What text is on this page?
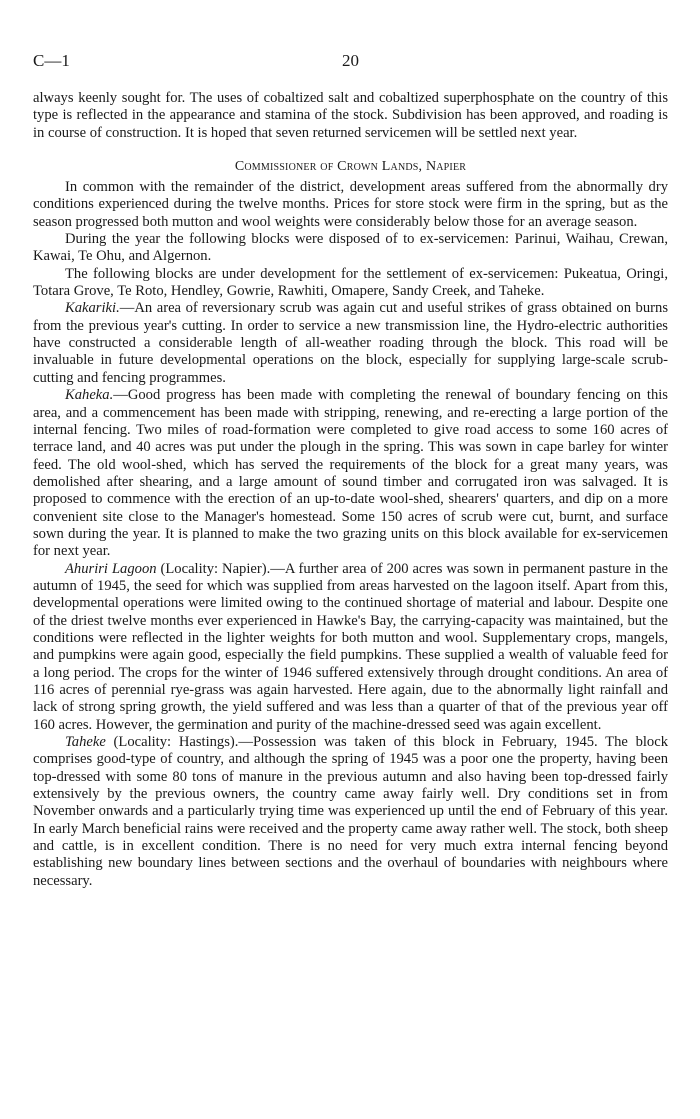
C—1	20

always keenly sought for. The uses of cobaltized salt and cobaltized superphosphate on the country of this type is reflected in the appearance and stamina of the stock. Subdivision has been approved, and roading is in course of construction. It is hoped that seven returned servicemen will be settled next year.

Commissioner of Crown Lands, Napier

In common with the remainder of the district, development areas suffered from the abnormally dry conditions experienced during the twelve months. Prices for store stock were firm in the spring, but as the season progressed both mutton and wool weights were considerably below those for an average season.

During the year the following blocks were disposed of to ex-servicemen: Parinui, Waihau, Crewan, Kawai, Te Ohu, and Algernon.

The following blocks are under development for the settlement of ex-servicemen: Pukeatua, Oringi, Totara Grove, Te Roto, Hendley, Gowrie, Rawhiti, Omapere, Sandy Creek, and Taheke.

Kakariki.—An area of reversionary scrub was again cut and useful strikes of grass obtained on burns from the previous year's cutting. In order to service a new transmission line, the Hydro-electric authorities have constructed a considerable length of all-weather roading through the block. This road will be invaluable in future developmental operations on the block, especially for supplying large-scale scrub-cutting and fencing programmes.

Kaheka.—Good progress has been made with completing the renewal of boundary fencing on this area, and a commencement has been made with stripping, renewing, and re-erecting a large portion of the internal fencing. Two miles of road-formation were completed to give road access to some 160 acres of terrace land, and 40 acres was put under the plough in the spring. This was sown in cape barley for winter feed. The old wool-shed, which has served the requirements of the block for a great many years, was demolished after shearing, and a large amount of sound timber and corrugated iron was salvaged. It is proposed to commence with the erection of an up-to-date wool-shed, shearers' quarters, and dip on a more convenient site close to the Manager's homestead. Some 150 acres of scrub were cut, burnt, and surface sown during the year. It is planned to make the two grazing units on this block available for ex-servicemen for next year.

Ahuriri Lagoon (Locality: Napier).—A further area of 200 acres was sown in permanent pasture in the autumn of 1945, the seed for which was supplied from areas harvested on the lagoon itself. Apart from this, developmental operations were limited owing to the continued shortage of material and labour. Despite one of the driest twelve months ever experienced in Hawke's Bay, the carrying-capacity was maintained, but the conditions were reflected in the lighter weights for both mutton and wool. Supplementary crops, mangels, and pumpkins were again good, especially the field pumpkins. These supplied a wealth of valuable feed for a long period. The crops for the winter of 1946 suffered extensively through drought conditions. An area of 116 acres of perennial rye-grass was again harvested. Here again, due to the abnormally light rainfall and lack of strong spring growth, the yield suffered and was less than a quarter of that of the previous year off 160 acres. However, the germination and purity of the machine-dressed seed was again excellent.

Taheke (Locality: Hastings).—Possession was taken of this block in February, 1945. The block comprises good-type of country, and although the spring of 1945 was a poor one the property, having been top-dressed with some 80 tons of manure in the previous autumn and also having been top-dressed fairly extensively by the previous owners, the country came away fairly well. Dry conditions set in from November onwards and a particularly trying time was experienced up until the end of February of this year. In early March beneficial rains were received and the property came away rather well. The stock, both sheep and cattle, is in excellent condition. There is no need for very much extra internal fencing beyond establishing new boundary lines between sections and the overhaul of boundaries with neighbours where necessary.
